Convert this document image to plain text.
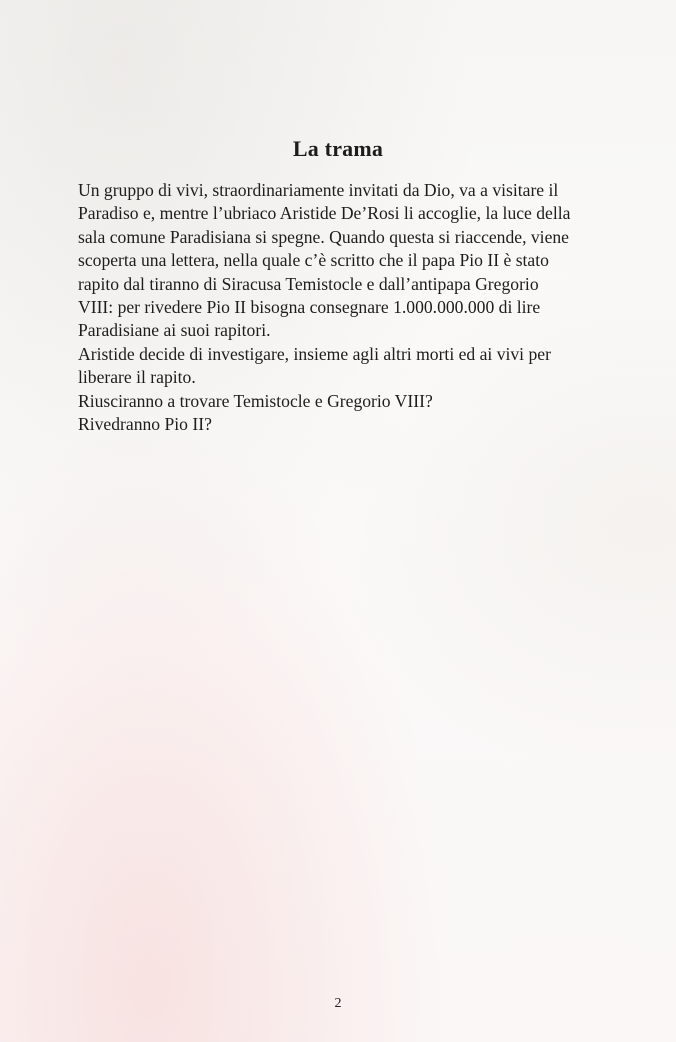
La trama

Un gruppo di vivi, straordinariamente invitati da Dio, va a visitare il
Paradiso e, mentre l’ubriaco Aristide De’Rosi li accoglie, la luce della
sala comune Paradisiana si spegne. Quando questa si riaccende, viene
scoperta una lettera, nella quale c’è scritto che il papa Pio II è stato
rapito dal tiranno di Siracusa Temistocle e dall’antipapa Gregorio
VIII: per rivedere Pio II bisogna consegnare 1.000.000.000 di lire
Paradisiane ai suoi rapitori.
Aristide decide di investigare, insieme agli altri morti ed ai vivi per
liberare il rapito.
Riusciranno a trovare Temistocle e Gregorio VIII?
Rivedranno Pio II?

2
